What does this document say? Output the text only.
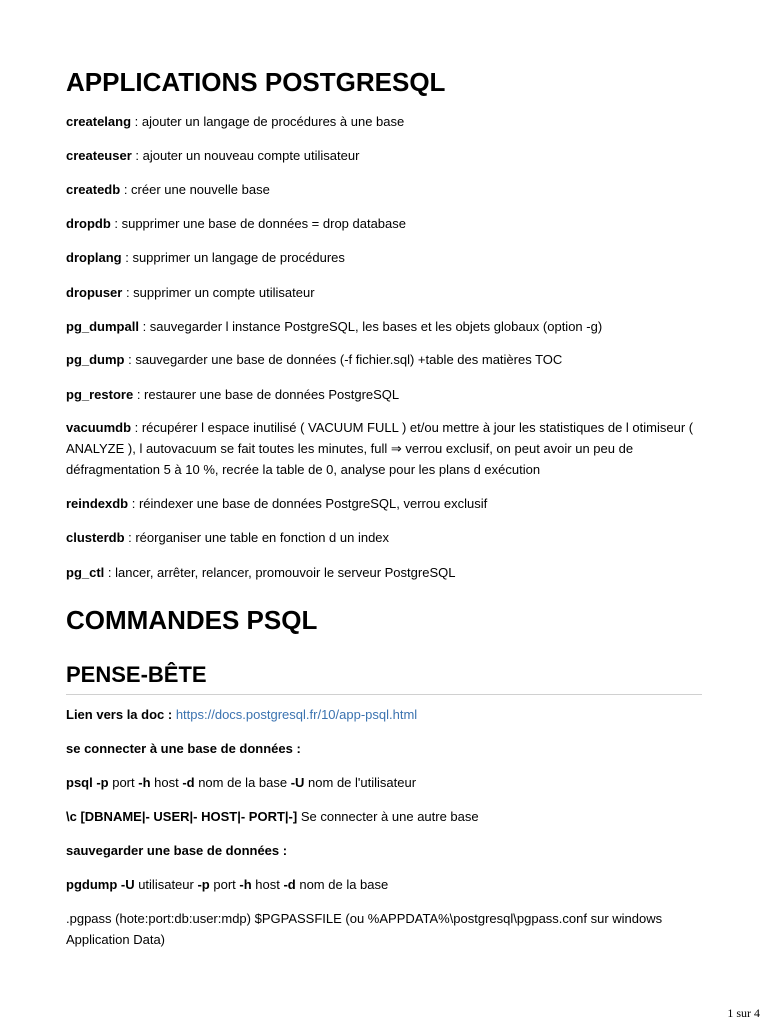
APPLICATIONS POSTGRESQL
createlang : ajouter un langage de procédures à une base
createuser : ajouter un nouveau compte utilisateur
createdb : créer une nouvelle base
dropdb : supprimer une base de données = drop database
droplang : supprimer un langage de procédures
dropuser : supprimer un compte utilisateur
pg_dumpall : sauvegarder l instance PostgreSQL, les bases et les objets globaux (option -g)
pg_dump : sauvegarder une base de données (-f fichier.sql) +table des matières TOC
pg_restore : restaurer une base de données PostgreSQL
vacuumdb : récupérer l espace inutilisé ( VACUUM FULL ) et/ou mettre à jour les statistiques de l otimiseur ( ANALYZE ), l autovacuum se fait toutes les minutes, full ⇒ verrou exclusif, on peut avoir un peu de défragmentation 5 à 10 %, recrée la table de 0, analyse pour les plans d exécution
reindexdb : réindexer une base de données PostgreSQL, verrou exclusif
clusterdb : réorganiser une table en fonction d un index
pg_ctl : lancer, arrêter, relancer, promouvoir le serveur PostgreSQL
COMMANDES PSQL
PENSE-BÊTE
Lien vers la doc : https://docs.postgresql.fr/10/app-psql.html
se connecter à une base de données :
psql -p port -h host -d nom de la base -U nom de l'utilisateur
\c [DBNAME|- USER|- HOST|- PORT|-] Se connecter à une autre base
sauvegarder une base de données :
pgdump -U utilisateur -p port -h host -d nom de la base
.pgpass (hote:port:db:user:mdp) $PGPASSFILE (ou %APPDATA%\postgresql\pgpass.conf sur windows Application Data)
1 sur 4
